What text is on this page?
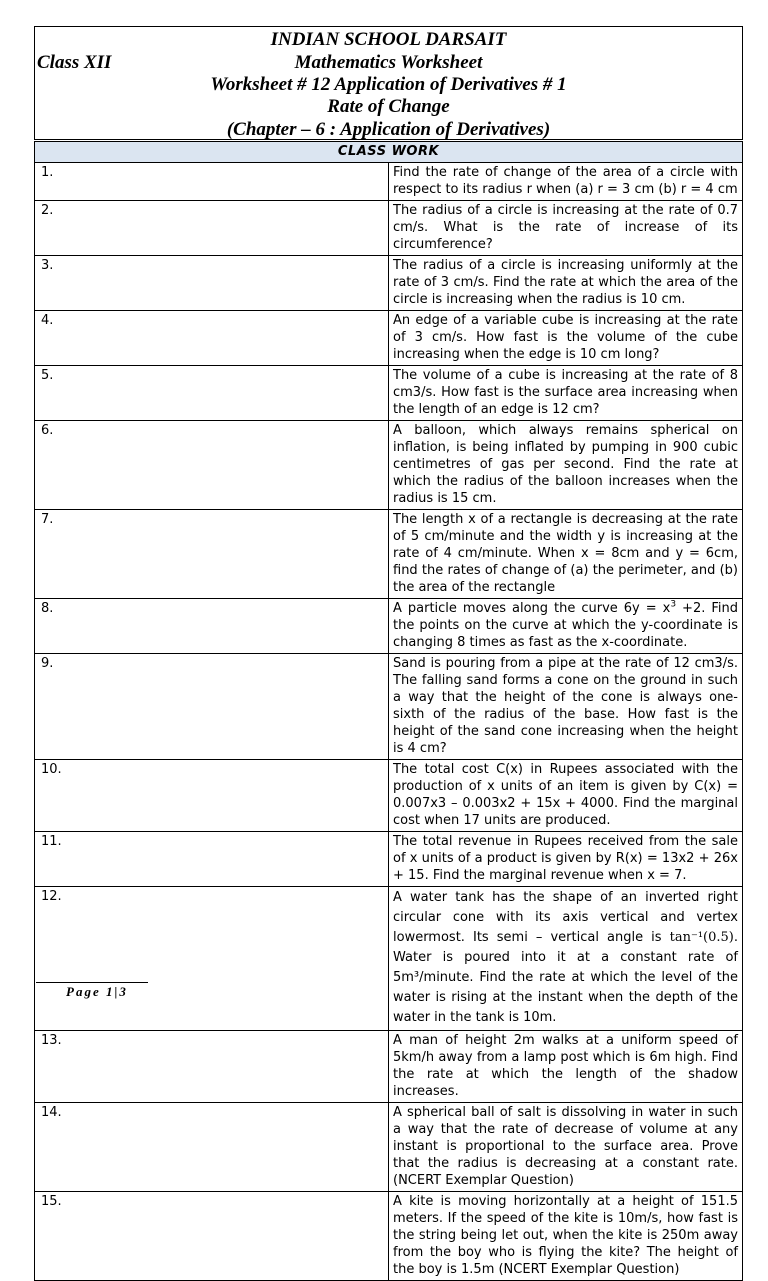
INDIAN SCHOOL DARSAIT
Class XII	Mathematics Worksheet
Worksheet # 12 Application of Derivatives # 1
Rate of Change
(Chapter – 6 : Application of Derivatives)
CLASS WORK	
1.	Find the rate of change of the area of a circle with respect to its radius r when (a) r = 3 cm (b) r = 4 cm
2.	The radius of a circle is increasing at the rate of 0.7 cm/s. What is the rate of increase of its circumference?
3.	The radius of a circle is increasing uniformly at the rate of 3 cm/s. Find the rate at which the area of the circle is increasing when the radius is 10 cm.
4.	An edge of a variable cube is increasing at the rate of 3 cm/s. How fast is the volume of the cube increasing when the edge is 10 cm long?
5.	The volume of a cube is increasing at the rate of 8 cm3/s. How fast is the surface area increasing when the length of an edge is 12 cm?
6.	A balloon, which always remains spherical on inflation, is being inflated by pumping in 900 cubic centimetres of gas per second. Find the rate at which the radius of the balloon increases when the radius is 15 cm.
7.	The length x of a rectangle is decreasing at the rate of 5 cm/minute and the width y is increasing at the rate of 4 cm/minute. When x = 8cm and y = 6cm, find the rates of change of (a) the perimeter, and (b) the area of the rectangle
8.	A particle moves along the curve $6y = x^3 +2$. Find the points on the curve at which the y-coordinate is changing 8 times as fast as the x-coordinate.
9.	Sand is pouring from a pipe at the rate of 12 cm3/s. The falling sand forms a cone on the ground in such a way that the height of the cone is always one-sixth of the radius of the base. How fast is the height of the sand cone increasing when the height is 4 cm?
10.	The total cost C(x) in Rupees associated with the production of x units of an item is given by C(x) = 0.007x3 – 0.003x2 + 15x + 4000. Find the marginal cost when 17 units are produced.
11.	The total revenue in Rupees received from the sale of x units of a product is given by R(x) = 13x2 + 26x + 15. Find the marginal revenue when x = 7.
12.	A water tank has the shape of an inverted right circular cone with its axis vertical and vertex lowermost. Its semi – vertical angle is tan⁻¹(0.5). Water is poured into it at a constant rate of 5m³/minute. Find the rate at which the level of the water is rising at the instant when the depth of the water in the tank is 10m.
13.	A man of height 2m walks at a uniform speed of 5km/h away from a lamp post which is 6m high. Find the rate at which the length of the shadow increases.
14.	A spherical ball of salt is dissolving in water in such a way that the rate of decrease of volume at any instant is proportional to the surface area. Prove that the radius is decreasing at a constant rate. (NCERT Exemplar Question)
15.	A kite is moving horizontally at a height of 151.5 meters. If the speed of the kite is 10m/s, how fast is the string being let out, when the kite is 250m away from the boy who is flying the kite? The height of the boy is 1.5m (NCERT Exemplar Question)
Page 1|3
